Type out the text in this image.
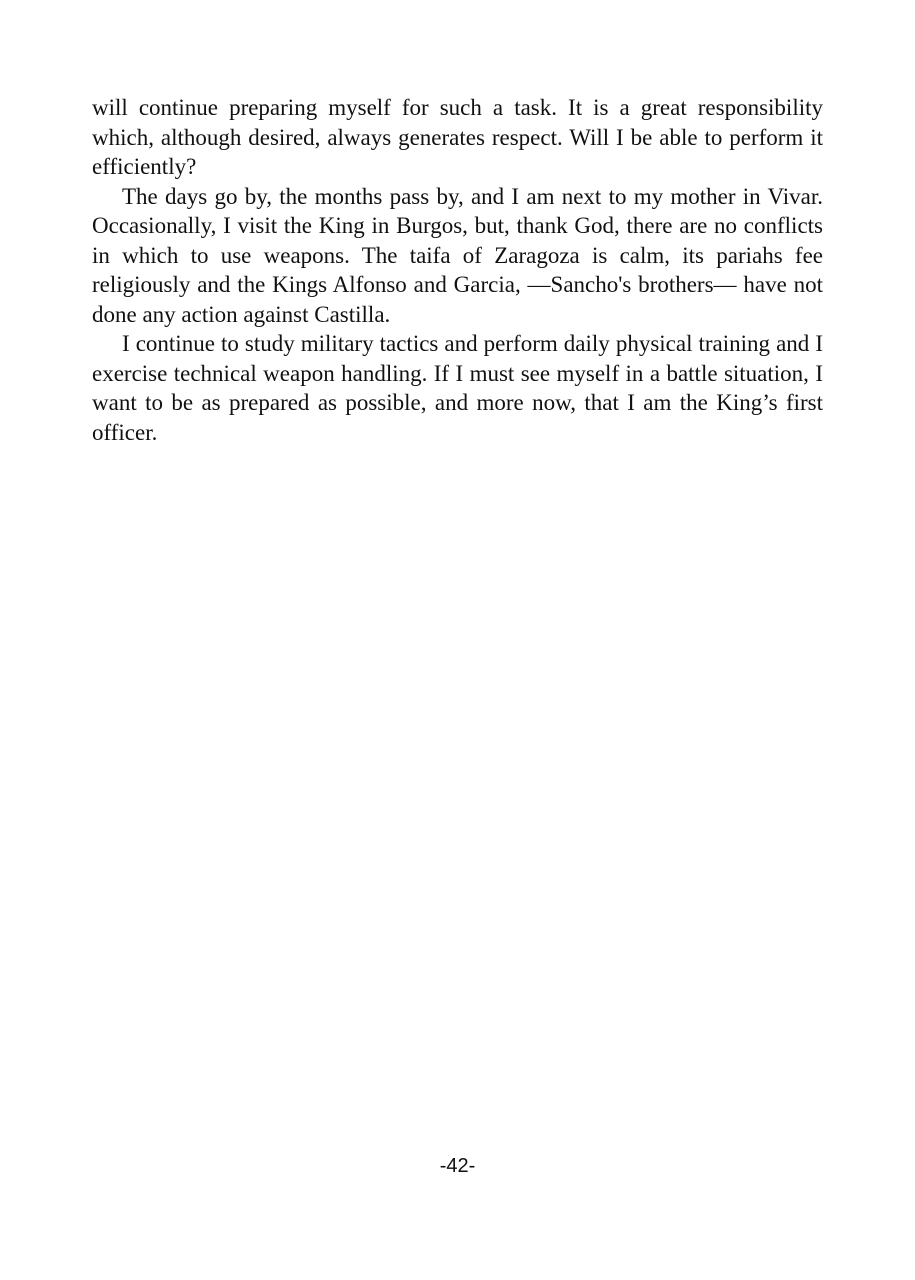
will continue preparing myself for such a task. It is a great responsibility which, although desired, always generates respect. Will I be able to perform it efficiently?

The days go by, the months pass by, and I am next to my mother in Vivar. Occasionally, I visit the King in Burgos, but, thank God, there are no conflicts in which to use weapons. The taifa of Zaragoza is calm, its pariahs fee religiously and the Kings Alfonso and Garcia, ―Sancho's brothers― have not done any action against Castilla.

I continue to study military tactics and perform daily physical training and I exercise technical weapon handling. If I must see myself in a battle situation, I want to be as prepared as possible, and more now, that I am the King’s first officer.

-42-
